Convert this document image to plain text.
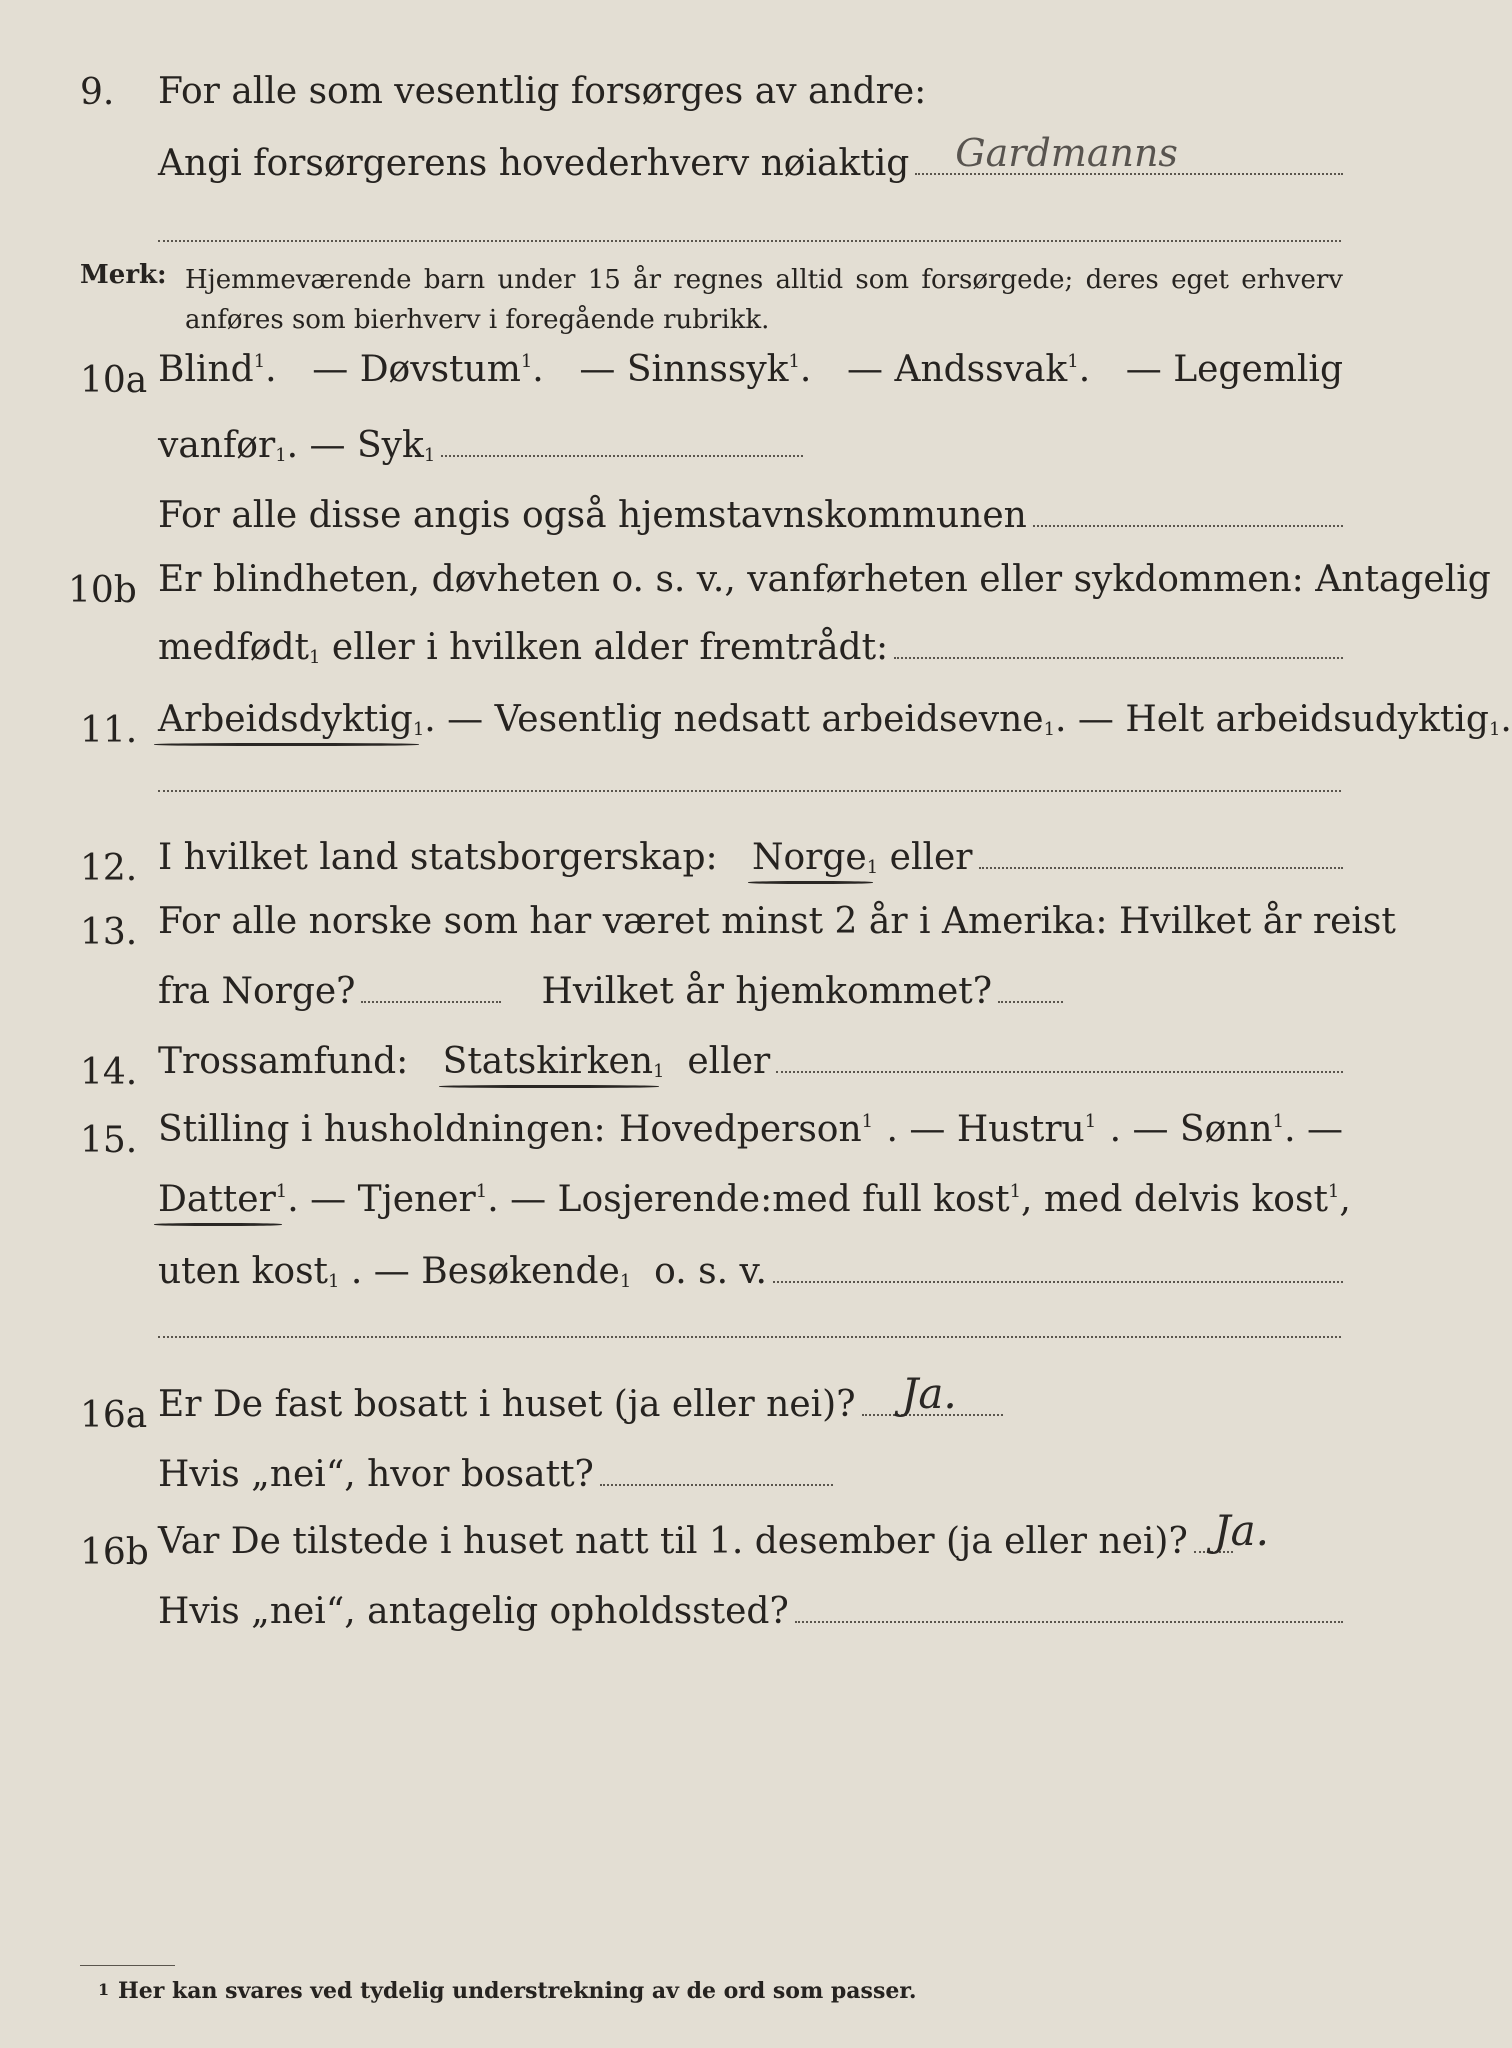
9.	For alle som vesentlig forsørges av andre:
Angi forsørgerens hovederhverv nøiaktig Gardmanns
Merk: Hjemmeværende barn under 15 år regnes alltid som forsørgede; deres eget erhverv anføres som bierhverv i foregående rubrikk.
10a Blind$^1$. — Døvstum$^1$. — Sinnssyk$^1$. — Andssvak$^1$. — Legemlig
vanfør$_1$ . — Syk$_1$
For alle disse angis også hjemstavnskommunen
10b Er blindheten, døvheten o. s. v., vanførheten eller sykdommen: Antagelig
medfødt$_1$
eller i hvilken alder fremtrådt:
11. Arbeidsdyktig$_1$ . — Vesentlig nedsatt arbeidsevne$_1$ . — Helt arbeidsudyktig$_1$ .
12. I hvilket land statsborgerskap:
Norge$_1$
eller
13. For alle norske som har været minst 2 år i Amerika: Hvilket år reist
fra Norge?	Hvilket år hjemkommet?
14. Trossamfund:
Statskirken$_1$
eller
15. Stilling i husholdningen: Hovedperson$^1$ . — Hustru$^1$ . — Sønn$^1$. —
Datter$^1$ . — Tjener$^1$ . — Losjerende: med full kost$^1$, med delvis kost$^1$,
uten kost$_1$
. — Besøkende$_1$
o. s. v.
16a Er De fast bosatt i huset (ja eller nei)? Ja.
Hvis „nei“, hvor bosatt?
16b Var De tilstede i huset natt til 1. desember (ja eller nei)? Ja.
Hvis „nei“, antagelig opholdssted?
1 Her kan svares ved tydelig understrekning av de ord som passer.
